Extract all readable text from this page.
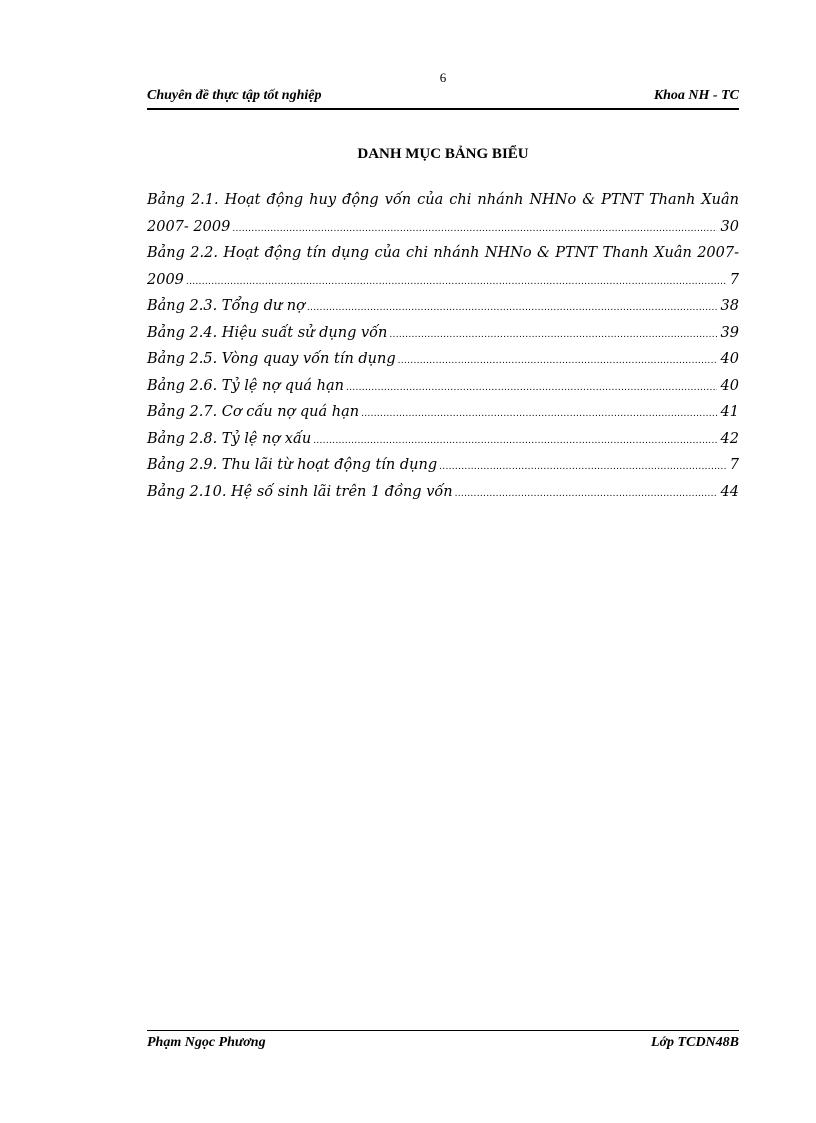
6
Chuyên đề thực tập tốt nghiệp	Khoa NH - TC
DANH MỤC BẢNG BIỂU
Bảng 2.1. Hoạt động huy động vốn của chi nhánh NHNo & PTNT Thanh Xuân
2007- 2009 .....	30
Bảng 2.2. Hoạt động tín dụng của chi nhánh NHNo & PTNT Thanh Xuân 2007-
2009 .....	7
Bảng 2.3. Tổng dư nợ .....	38
Bảng 2.4. Hiệu suất sử dụng vốn .....	39
Bảng 2.5. Vòng quay vốn tín dụng .....	40
Bảng 2.6. Tỷ lệ nợ quá hạn .....	40
Bảng 2.7. Cơ cấu nợ quá hạn .....	41
Bảng 2.8. Tỷ lệ nợ xấu .....	42
Bảng 2.9. Thu lãi từ hoạt động tín dụng .....	7
Bảng 2.10. Hệ số sinh lãi trên 1 đồng vốn .....	44
Phạm Ngọc Phương	Lớp TCDN48B
